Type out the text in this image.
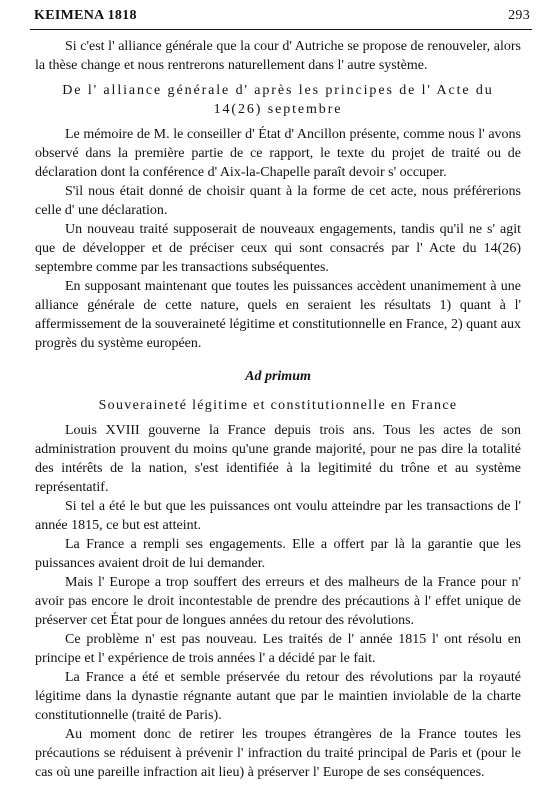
KEIMENA 1818	293

Si c'est l' alliance générale que la cour d' Autriche se propose de renouveler, alors la thèse change et nous rentrerons naturellement dans l' autre système.

De l' alliance générale d' après les principes de l' Acte du

14(26) septembre

Le mémoire de M. le conseiller d' État d' Ancillon présente, comme nous l' avons observé dans la première partie de ce rapport, le texte du projet de traité ou de déclaration dont la conférence d' Aix-la-Chapelle paraît devoir s' occuper.

S'il nous était donné de choisir quant à la forme de cet acte, nous préférerions celle d' une déclaration.

Un nouveau traité supposerait de nouveaux engagements, tandis qu'il ne s' agit que de développer et de préciser ceux qui sont consacrés par l' Acte du 14(26) septembre comme par les transactions subséquentes.

En supposant maintenant que toutes les puissances accèdent unanimement à une alliance générale de cette nature, quels en seraient les résultats 1) quant à l' affermissement de la souveraineté légitime et constitutionnelle en France, 2) quant aux progrès du système européen.

Ad primum

Souveraineté légitime et constitutionnelle en France

Louis XVIII gouverne la France depuis trois ans. Tous les actes de son administration prouvent du moins qu'une grande majorité, pour ne pas dire la totalité des intérêts de la nation, s'est identifiée à la legitimité du trône et au système représentatif.

Si tel a été le but que les puissances ont voulu atteindre par les transactions de l' année 1815, ce but est atteint.

La France a rempli ses engagements. Elle a offert par là la garantie que les puissances avaient droit de lui demander.

Mais l' Europe a trop souffert des erreurs et des malheurs de la France pour n' avoir pas encore le droit incontestable de prendre des précautions à l' effet unique de préserver cet État pour de longues années du retour des révolutions.

Ce problème n' est pas nouveau. Les traités de l' année 1815 l' ont résolu en principe et l' expérience de trois années l' a décidé par le fait.

La France a été et semble préservée du retour des révolutions par la royauté légitime dans la dynastie régnante autant que par le maintien inviolable de la charte constitutionnelle (traité de Paris).

Au moment donc de retirer les troupes étrangères de la France toutes les précautions se réduisent à prévenir l' infraction du traité principal de Paris et (pour le cas où une pareille infraction ait lieu) à préserver l' Europe de ses conséquences.
